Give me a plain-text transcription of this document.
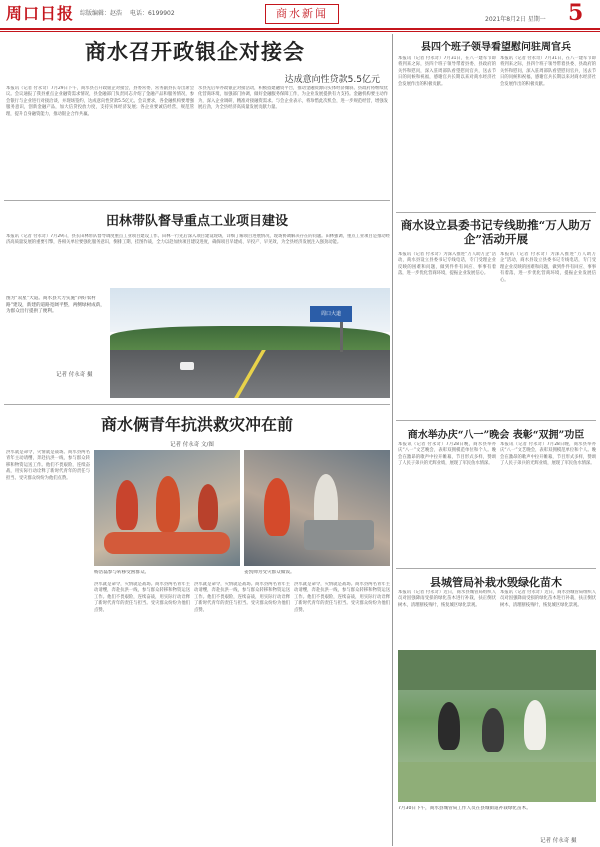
周口日报 综版编辑：赵浩 电话：6199902	商水新闻	2021年8月2日 星期一 5
商水召开政银企对接会
达成意向性贷款5.5亿元
本报讯（记者 付永奇）7月29日下午，商水县召开政银企对接会，县委常委、常务副县长等出席会议。会议通报了我县重点企业融资需求情况，县金融部门负责同志介绍了金融产品和服务情况，参会银行与企业进行对接洽谈，并现场签约，达成意向性贷款5.5亿元。会议要求，各金融机构要增强服务意识，创新金融产品，加大信贷投放力度，支持实体经济发展；各企业要诚信经营，规范管理，提升自身融资能力，推动银企合作共赢。
水县先后举办政银企对接活动，积极搭建融资平台，推动金融资源向实体经济倾斜。县政府将继续优化营商环境，加强部门协调，做好金融服务保障工作，为企业发展提供有力支持。金融机构要主动作为，深入企业调研，精准对接融资需求。与会企业表示，将珍惜此次机会，进一步规范经营，增强发展后劲，为全县经济高质量发展贡献力量。
田林带队督导重点工业项目建设
本报讯（记者 付永奇）7月29日，县长田林带队督导调度重点工业项目建设工作。田林一行先后深入项目建设现场，详细了解项目进展情况，现场协调解决存在的问题。田林强调，重点工业项目是推动经济高质量发展的重要引擎，各相关单位要强化服务意识，倒排工期、挂图作战，全力以赴加快项目建设进度，确保项目早建成、早投产、早见效，为全县经济发展注入强劲动能。
图为“双星”大道。商水县大力实施“四好农村路”建设，新建的道路宽阔平整，两侧绿树成荫，为群众出行提供了便利。
记者 付永奇 摄
周口大道
商水俩青年抗洪救灾冲在前
记者 付永奇 文/图
杨浩磊参与转移受困群众。	姜凯帅为受灾群众做饭。
洪水就是命令，灾情就是战场。商水县两名青年主动请缨，奔赴抗洪一线，参与群众转移和物资运送工作。他们不畏艰险，连续奋战，用实际行动诠释了新时代青年的责任与担当。受灾群众纷纷为他们点赞。
洪水就是命令，灾情就是战场。商水县两名青年主动请缨，奔赴抗洪一线，参与群众转移和物资运送工作。他们不畏艰险，连续奋战，用实际行动诠释了新时代青年的责任与担当。受灾群众纷纷为他们点赞。
洪水就是命令，灾情就是战场。商水县两名青年主动请缨，奔赴抗洪一线，参与群众转移和物资运送工作。他们不畏艰险，连续奋战，用实际行动诠释了新时代青年的责任与担当。受灾群众纷纷为他们点赞。
洪水就是命令，灾情就是战场。商水县两名青年主动请缨，奔赴抗洪一线，参与群众转移和物资运送工作。他们不畏艰险，连续奋战，用实际行动诠释了新时代青年的责任与担当。受灾群众纷纷为他们点赞。
县四个班子领导看望慰问驻周官兵
本报讯（记者 付永奇）7月31日，在八一建军节即将到来之际，县四个班子领导带着县委、县政府的关怀和慰问，深入驻周部队看望慰问官兵，送去节日的问候和祝福，感谢官兵长期以来对商水经济社会发展作出的积极贡献。
本报讯（记者 付永奇）7月31日，在八一建军节即将到来之际，县四个班子领导带着县委、县政府的关怀和慰问，深入驻周部队看望慰问官兵，送去节日的问候和祝福，感谢官兵长期以来对商水经济社会发展作出的积极贡献。
商水设立县委书记专线助推“万人助万企”活动开展
本报讯（记者 付永奇）为深入推进“万人助万企”活动，商水县设立县委书记专线电话，专门受理企业反映的困难和问题，做到件件有回应、事事有着落，进一步优化营商环境，提振企业发展信心。
本报讯（记者 付永奇）为深入推进“万人助万企”活动，商水县设立县委书记专线电话，专门受理企业反映的困难和问题，做到件件有回应、事事有着落，进一步优化营商环境，提振企业发展信心。
商水举办庆“八一”晚会 表彰“双拥”功臣
本报讯（记者 付永奇）7月28日晚，商水县举办庆“八一”文艺晚会，表彰双拥模范单位和个人。晚会在激昂的歌声中拉开帷幕，节目形式多样，赞颂了人民子弟兵的光辉业绩，展现了军民鱼水情深。
本报讯（记者 付永奇）7月28日晚，商水县举办庆“八一”文艺晚会，表彰双拥模范单位和个人。晚会在激昂的歌声中拉开帷幕，节目形式多样，赞颂了人民子弟兵的光辉业绩，展现了军民鱼水情深。
县城管局补栽水毁绿化苗木
本报讯（记者 付永奇）近日，商水县城管局组织人员对因强降雨受损的绿化苗木进行补栽，扶正倒伏树木，清理断枝残叶，恢复城区绿化景观。
本报讯（记者 付永奇）近日，商水县城管局组织人员对因强降雨受损的绿化苗木进行补栽，扶正倒伏树木，清理断枝残叶，恢复城区绿化景观。
7月30日下午，商水县城管局工作人员在县城街道补栽绿化苗木。
记者 付永奇 摄
